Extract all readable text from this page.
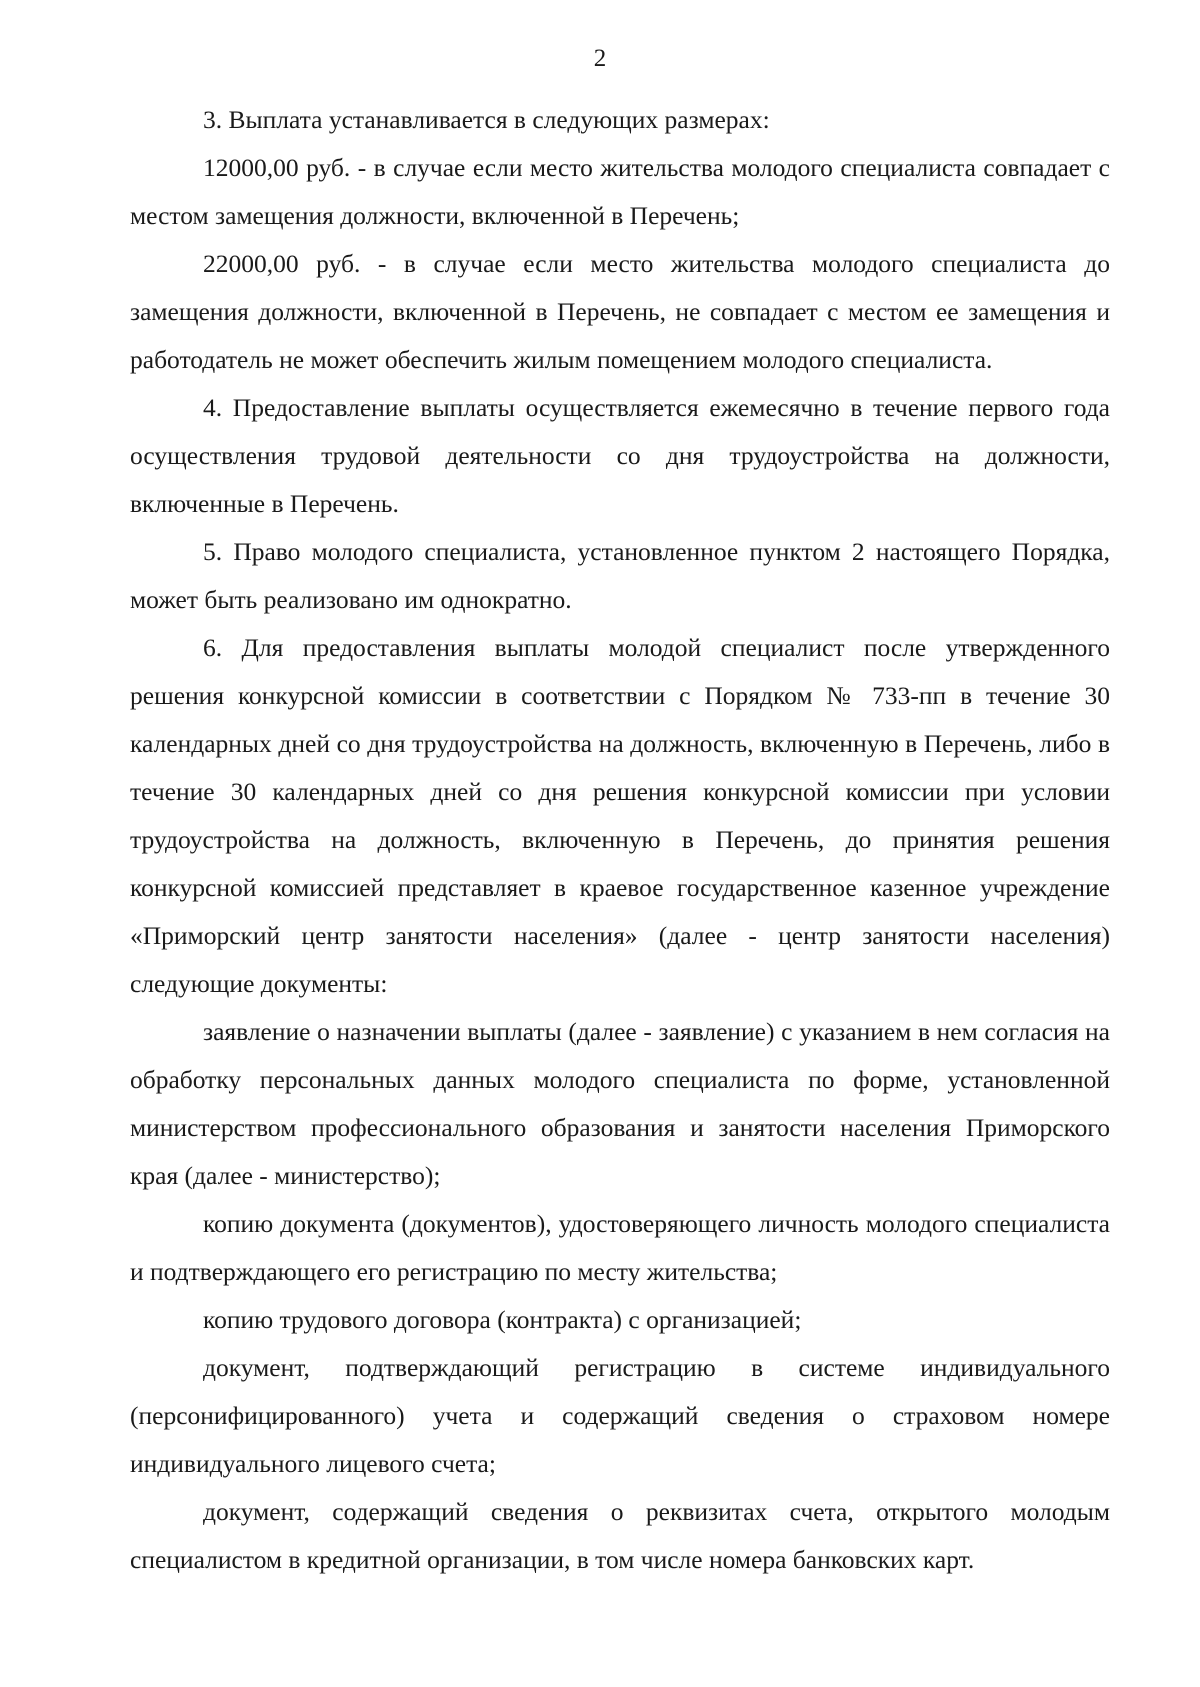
2

3. Выплата устанавливается в следующих размерах:

12000,00 руб. - в случае если место жительства молодого специалиста совпадает с местом замещения должности, включенной в Перечень;

22000,00 руб. - в случае если место жительства молодого специалиста до замещения должности, включенной в Перечень, не совпадает с местом ее замещения и работодатель не может обеспечить жилым помещением молодого специалиста.

4. Предоставление выплаты осуществляется ежемесячно в течение первого года осуществления трудовой деятельности со дня трудоустройства на должности, включенные в Перечень.

5. Право молодого специалиста, установленное пунктом 2 настоящего Порядка, может быть реализовано им однократно.

6. Для предоставления выплаты молодой специалист после утвержденного решения конкурсной комиссии в соответствии с Порядком № 733-пп в течение 30 календарных дней со дня трудоустройства на должность, включенную в Перечень, либо в течение 30 календарных дней со дня решения конкурсной комиссии при условии трудоустройства на должность, включенную в Перечень, до принятия решения конкурсной комиссией представляет в краевое государственное казенное учреждение «Приморский центр занятости населения» (далее - центр занятости населения) следующие документы:

заявление о назначении выплаты (далее - заявление) с указанием в нем согласия на обработку персональных данных молодого специалиста по форме, установленной министерством профессионального образования и занятости населения Приморского края (далее - министерство);

копию документа (документов), удостоверяющего личность молодого специалиста и подтверждающего его регистрацию по месту жительства;

копию трудового договора (контракта) с организацией;

документ, подтверждающий регистрацию в системе индивидуального (персонифицированного) учета и содержащий сведения о страховом номере индивидуального лицевого счета;

документ, содержащий сведения о реквизитах счета, открытого молодым специалистом в кредитной организации, в том числе номера банковских карт.
